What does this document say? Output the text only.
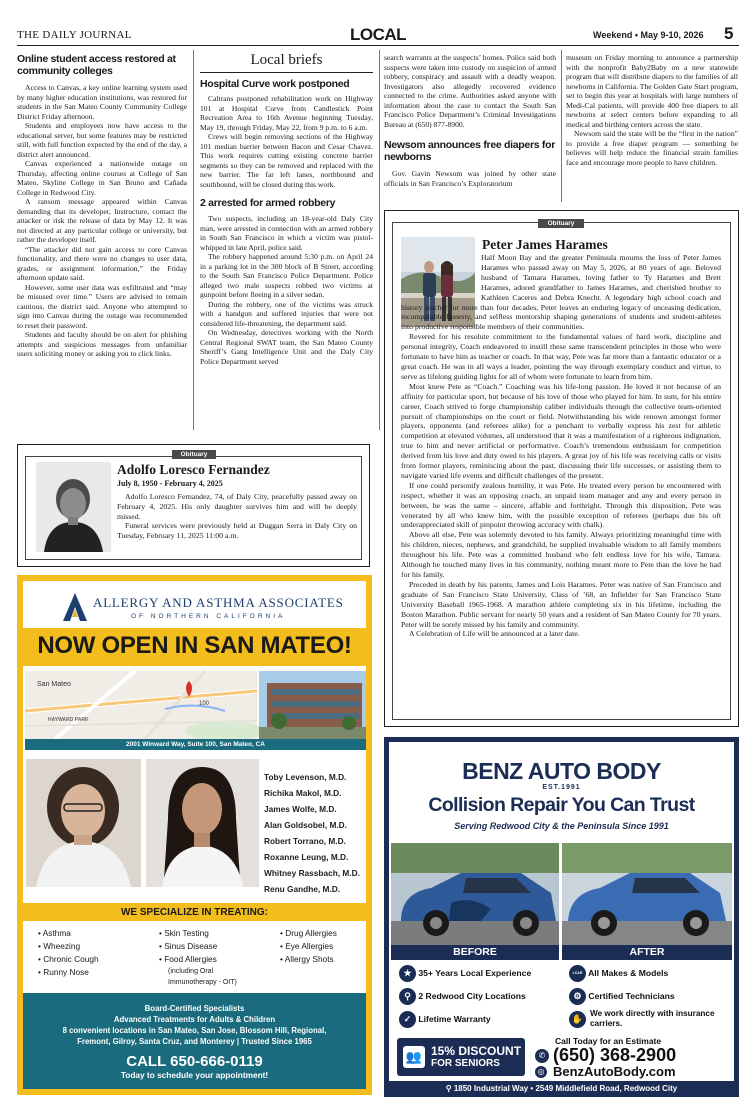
THE DAILY JOURNAL	LOCAL	Weekend • May 9-10, 2026 5
Online student access restored at community colleges

Access to Canvas, a key online learning system used by many higher education institutions, was restored for students in the San Mateo County Community College District Friday afternoon.

Students and employees now have access to the educational server, but some features may be restricted still, with full function expected by the end of the day, a district alert announced.

Canvas experienced a nationwide outage on Thursday, affecting online courses at College of San Mateo, Skyline College in San Bruno and Cañada College in Redwood City.

A ransom message appeared within Canvas demanding that its developer, Instructure, contact the attacker or risk the release of data by May 12. It was not directed at any particular college or university, but rather the developer itself.

“The attacker did not gain access to core Canvas functionality, and there were no changes to user data, grades, or assignment information,” the Friday afternoon update said.

However, some user data was exfiltrated and “may be misused over time.” Users are advised to remain cautious, the district said. Anyone who attempted to sign into Canvas during the outage was recommended to reset their password.

Students and faculty should be on alert for phishing attempts and suspicious messages from unfamiliar users soliciting money or asking you to click links.

Local briefs
Hospital Curve work postponed

Caltrans postponed rehabilitation work on Highway 101 at Hospital Curve from Candlestick Point Recreation Area to 16th Avenue beginning Tuesday, May 19, through Friday, May 22, from 9 p.m. to 6 a.m.

Crews will begin removing sections of the Highway 101 median barrier between Bacon and Cesar Chavez. This work requires cutting existing concrete barrier segments so they can be removed and replaced with the new barrier. The far left lanes, northbound and southbound, will be closed during this work.

2 arrested for armed robbery

Two suspects, including an 18-year-old Daly City man, were arrested in connection with an armed robbery in South San Francisco in which a victim was pistol-whipped in late April, police said.

The robbery happened around 5:30 p.m. on April 24 in a parking lot in the 300 block of B Street, according to the South San Francisco Police Department. Police alleged two male suspects robbed two victims at gunpoint before fleeing in a silver sedan.

During the robbery, one of the victims was struck with a handgun and suffered injuries that were not considered life-threatening, the department said.

On Wednesday, detectives working with the North Central Regional SWAT team, the San Mateo County Sheriff’s Gang Intelligence Unit and the Daly City Police Department served

search warrants at the suspects’ homes. Police said both suspects were taken into custody on suspicion of armed robbery, conspiracy and assault with a deadly weapon. Investigators also allegedly recovered evidence connected to the crime. Authorities asked anyone with information about the case to contact the South San Francisco Police Department’s Criminal Investigations Bureau at (650) 877-8900.

Newsom announces free diapers for newborns

Gov. Gavin Newsom was joined by other state officials in San Francisco’s Exploratorium

museum on Friday morning to announce a partnership with the nonprofit Baby2Baby on a new statewide program that will distribute diapers to the families of all newborns in California. The Golden Gate Start program, set to begin this year at hospitals with large numbers of Medi-Cal patients, will provide 400 free diapers to all newborns at select centers before expanding to all medical and birthing centers across the state.

Newsom said the state will be the “first in the nation” to provide a free diaper program — something he believes will help reduce the financial strain families face and encourage more people to have children.

Obituary
Adolfo Loresco Fernandez
July 8, 1950 - February 4, 2025

Adolfo Loresco Fernandez, 74, of Daly City, peacefully passed away on February 4, 2025. His only daughter survives him and will be deeply missed.

Funeral services were previously held at Duggan Serra in Daly City on Tuesday, February 11, 2025 11:00 a.m.

Obituary
Peter James Harames

Half Moon Bay and the greater Peninsula mourns the loss of Peter James Harames who passed away on May 5, 2026, at 80 years of age. Beloved husband of Tamara Harames, loving father to Ty Harames and Brett Harames, adored grandfather to James Harames, and cherished brother to Kathleen Caceres and Debra Knecht. A legendary high school coach and history teacher for more than four decades, Peter leaves an enduring legacy of unceasing dedication, incomparable honesty, and selfless mentorship shaping generations of students and student-athletes into productive responsible members of their communities.

Revered for his resolute commitment to the fundamental values of hard work, discipline and personal integrity, Coach endeavored to instill these same transcendent principles in those who were fortunate to have him as teacher or coach. In that way, Pete was far more than a fantastic educator or a great coach. He was in all ways a leader, pointing the way through exemplary conduct and virtue, to serve as lifelong guiding lights for all of whom were fortunate to learn from him.

Most knew Pete as “Coach.” Coaching was his life-long passion. He loved it not because of an affinity for particular sport, but because of his love of those who played for him. In sum, for his entire career, Coach strived to forge championship caliber individuals through the collective team-oriented pursuit of championships on the court or field. Notwithstanding his wide renown amongst former players, opponents (and referees alike) for a penchant to verbally express his zest for athletic competition at elevated volumes, all understood that it was a manifestation of a righteous indignation, true to him and never artificial or performative. Coach’s tremendous enthusiasm for competition derived from his love and duty owed to his players. A great joy of his life was receiving calls or visits from former players, reminiscing about the past, discussing their life successes, or assisting them to navigate varied life events and difficult challenges of the present.

If one could personify zealous humility, it was Pete. He treated every person he encountered with respect, whether it was an opposing coach, an unpaid team manager and any and every person in between, he was the same – sincere, affable and forthright. Through this disposition, Pete was venerated by all who knew him, with the possible exception of referees (perhaps due his oft underappreciated skill of pinpoint throwing accuracy with chalk).

Above all else, Pete was solemnly devoted to his family. Always prioritizing meaningful time with his children, nieces, nephews, and grandchild, he supplied invaluable wisdom to all family members throughout his life. Pete was a committed husband who felt endless love for his wife, Tamara. Although he touched many lives in his community, nothing meant more to Pete than the love he had for his family.

Preceded in death by his parents, James and Lois Harames. Peter was native of San Francisco and graduate of San Francisco State University, Class of ’68, an Infielder for San Francisco State University Baseball 1965-1968. A marathon athlete completing six in his lifetime, including the Boston Marathon. Public servant for nearly 50 years and a resident of San Mateo County for 70 years. Peter will be sorely missed by his family and community.

A Celebration of Life will be announced at a later date.

ALLERGY AND ASTHMA ASSOCIATES
OF NORTHERN CALIFORNIA
NOW OPEN IN SAN MATEO!
San Mateo
HAYWARD PARK
100
2001 Winward Way, Suite 100, San Mateo, CA
Toby Levenson, M.D.
Richika Makol, M.D.
James Wolfe, M.D.
Alan Goldsobel, M.D.
Robert Torrano, M.D.
Roxanne Leung, M.D.
Whitney Rassbach, M.D.
Renu Gandhe, M.D.
WE SPECIALIZE IN TREATING:
• Asthma
• Wheezing
• Chronic Cough
• Runny Nose
• Skin Testing
• Sinus Disease
• Food Allergies
(including Oral Immunotherapy - OIT)
• Drug Allergies
• Eye Allergies
• Allergy Shots
Board-Certified Specialists
Advanced Treatments for Adults & Children
8 convenient locations in San Mateo, San Jose, Blossom Hill, Regional,
Fremont, Gilroy, Santa Cruz, and Monterey | Trusted Since 1965
CALL 650-666-0119
Today to schedule your appointment!
BENZ AUTO BODY
EST.1991
Collision Repair You Can Trust
Serving Redwood City & the Peninsula Since 1991
BEFORE	AFTER
★ 35+ Years Local Experience	I-CAR CLASS All Makes & Models
⚲ 2 Redwood City Locations	⚙ Certified Technicians
✓ Lifetime Warranty	✋
We work directly with insurance carriers.
👥 15% DISCOUNT
FOR SENIORS
Call Today for an Estimate
✆ (650) 368-2900
◎ BenzAutoBody.com
⚲ 1850 Industrial Way • 2549 Middlefield Road, Redwood City
